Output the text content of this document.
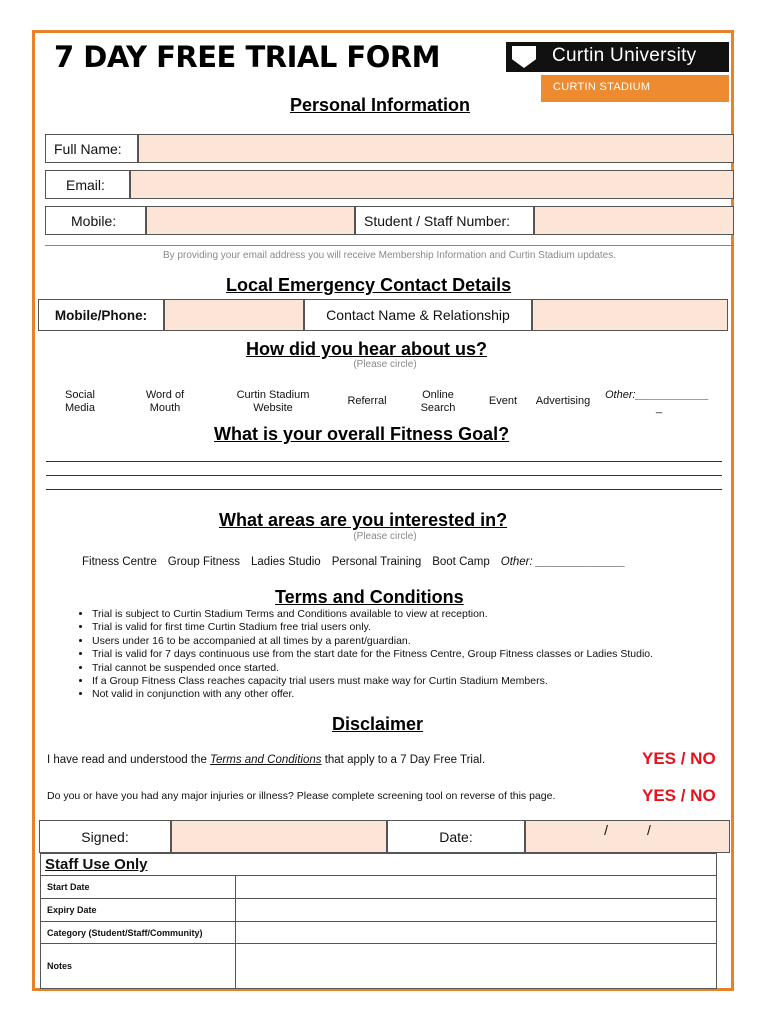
7 DAY FREE TRIAL FORM	Curtin University
CURTIN STADIUM
Personal Information
Full Name:
Email:
Mobile:	Student / Staff Number:
By providing your email address you will receive Membership Information and Curtin Stadium updates.
Local Emergency Contact Details
Mobile/Phone:	Contact Name & Relationship
How did you hear about us?
(Please circle)
Social Media
Word of Mouth
Curtin Stadium Website
Referral	Online Search
Event	Advertising	Other:____________
_
What is your overall Fitness Goal?
What areas are you interested in?
(Please circle)
Fitness Centre Group Fitness Ladies Studio Personal Training Boot Camp Other: ______________
Terms and Conditions
• Trial is subject to Curtin Stadium Terms and Conditions available to view at reception.
• Trial is valid for first time Curtin Stadium free trial users only.
• Users under 16 to be accompanied at all times by a parent/guardian.
• Trial is valid for 7 days continuous use from the start date for the Fitness Centre, Group Fitness classes or Ladies Studio.
• Trial cannot be suspended once started.
• If a Group Fitness Class reaches capacity trial users must make way for Curtin Stadium Members.
• Not valid in conjunction with any other offer.
Disclaimer
I have read and understood the Terms and Conditions that apply to a 7 Day Free Trial.	YES / NO
Do you or have you had any major injuries or illness? Please complete screening tool on reverse of this page.	YES / NO
Signed:	Date:	/          /
Staff Use Only	
Start Date	
Expiry Date	
Category (Student/Staff/Community)	
Notes	
